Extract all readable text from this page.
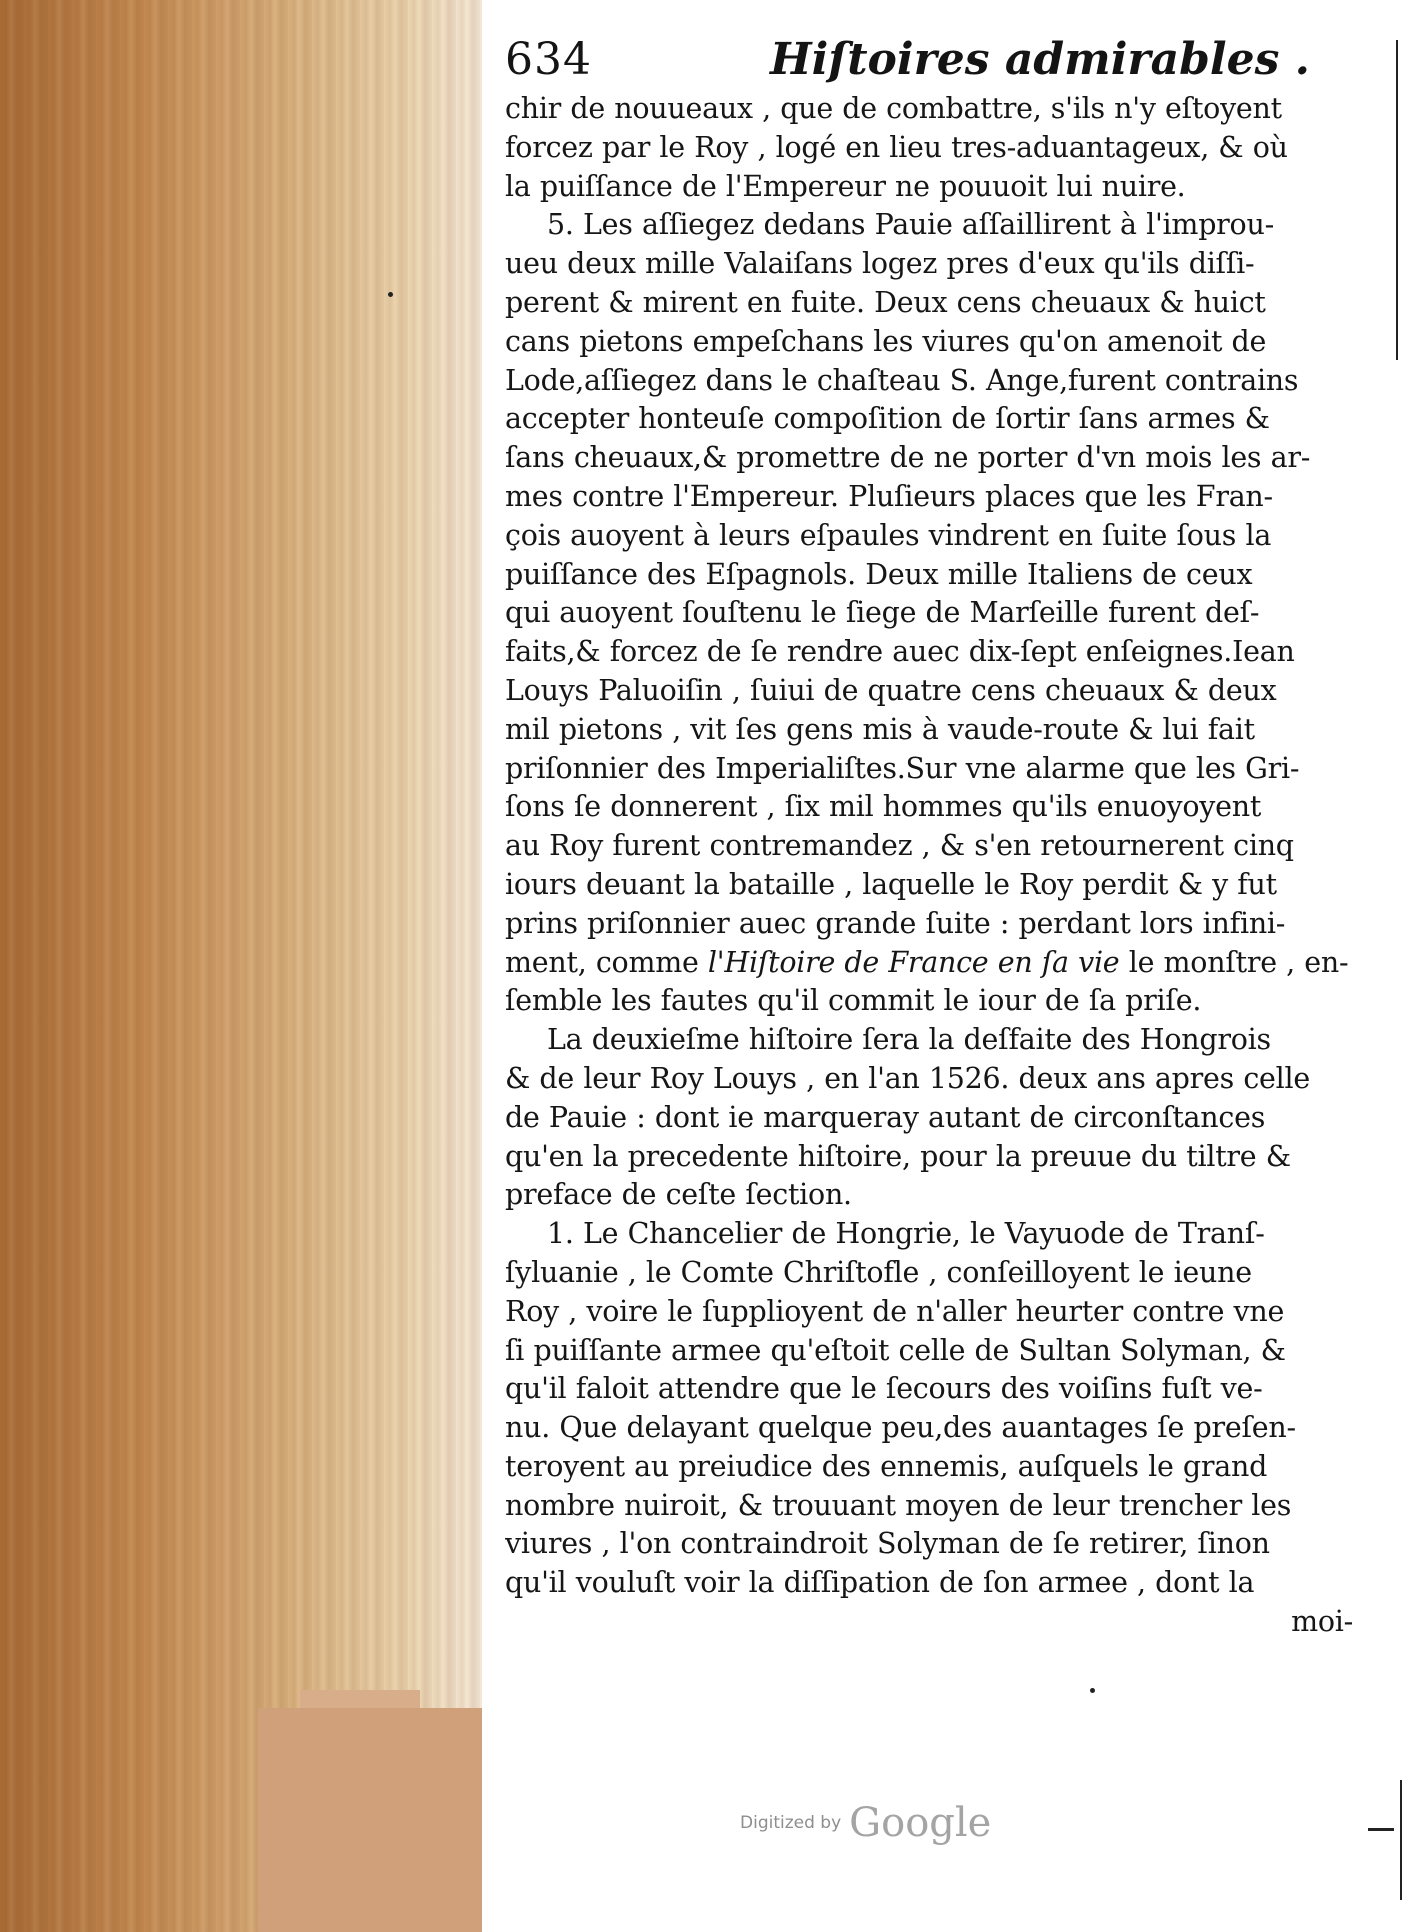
634	Hiſtoires admirables .
chir de nouueaux , que de combattre, s'ils n'y eſtoyent
forcez par le Roy , logé en lieu tres-aduantageux, & où
la puiſſance de l'Empereur ne pouuoit lui nuire.
5. Les aſſiegez dedans Pauie aſſaillirent à l'improu-
ueu deux mille Valaiſans logez pres d'eux qu'ils diſſi-
perent & mirent en fuite. Deux cens cheuaux & huict
cans pietons empeſchans les viures qu'on amenoit de
Lode,aſſiegez dans le chaſteau S. Ange,furent contrains
accepter honteuſe compoſition de ſortir ſans armes &
ſans cheuaux,& promettre de ne porter d'vn mois les ar-
mes contre l'Empereur. Pluſieurs places que les Fran-
çois auoyent à leurs eſpaules vindrent en ſuite ſous la
puiſſance des Eſpagnols. Deux mille Italiens de ceux
qui auoyent ſouſtenu le ſiege de Marſeille furent deſ-
faits,& forcez de ſe rendre auec dix-ſept enſeignes.Iean
Louys Paluoiſin , ſuiui de quatre cens cheuaux & deux
mil pietons , vit ſes gens mis à vaude-route & lui fait
priſonnier des Imperialiſtes.Sur vne alarme que les Gri-
ſons ſe donnerent , ſix mil hommes qu'ils enuoyoyent
au Roy furent contremandez , & s'en retournerent cinq
iours deuant la bataille , laquelle le Roy perdit & y fut
prins priſonnier auec grande ſuite : perdant lors infini-
ment, comme l'Hiſtoire de France en ſa vie le monſtre , en-
ſemble les fautes qu'il commit le iour de ſa priſe.
La deuxieſme hiſtoire ſera la deſfaite des Hongrois
& de leur Roy Louys , en l'an 1526. deux ans apres celle
de Pauie : dont ie marqueray autant de circonſtances
qu'en la precedente hiſtoire, pour la preuue du tiltre &
preface de ceſte ſection.
1. Le Chancelier de Hongrie, le Vayuode de Tranſ-
ſyluanie , le Comte Chriſtofle , conſeilloyent le ieune
Roy , voire le ſupplioyent de n'aller heurter contre vne
ſi puiſſante armee qu'eſtoit celle de Sultan Solyman, &
qu'il faloit attendre que le ſecours des voiſins fuſt ve-
nu. Que delayant quelque peu,des auantages ſe preſen-
teroyent au preiudice des ennemis, auſquels le grand
nombre nuiroit, & trouuant moyen de leur trencher les
viures , l'on contraindroit Solyman de ſe retirer, ſinon
qu'il vouluſt voir la diſſipation de ſon armee , dont la
moi-
Digitized by Google
